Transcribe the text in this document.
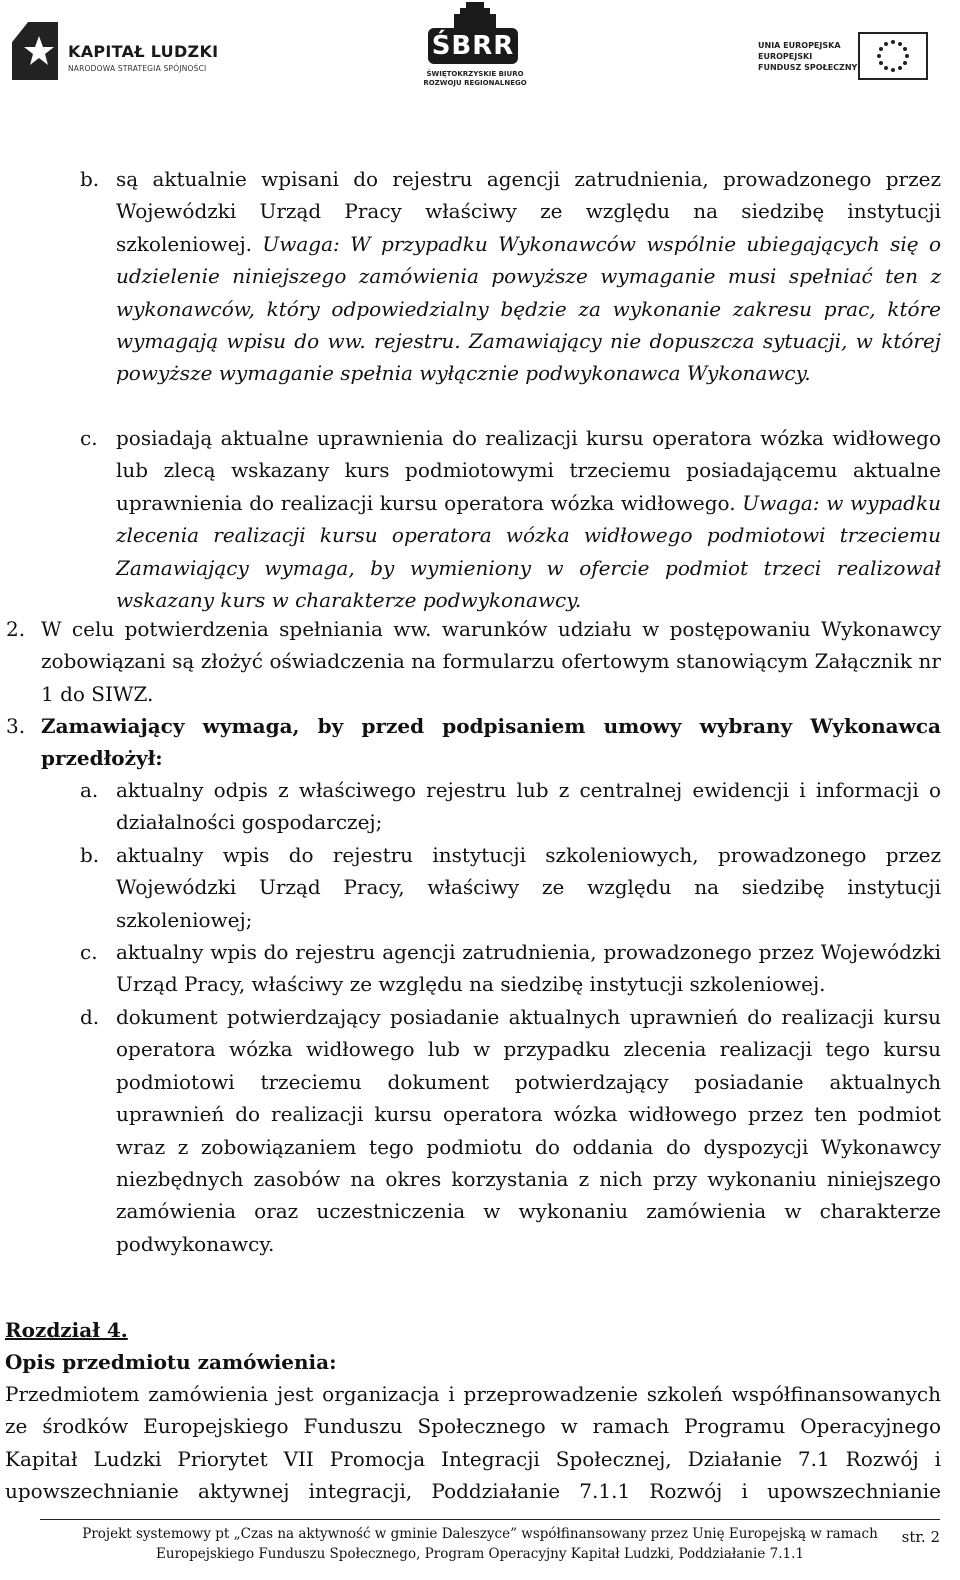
KAPITAŁ LUDZKI
NARODOWA STRATEGIA SPÓJNOŚCI
ŚBRR
ŚWIĘTOKRZYSKIE BIURO
ROZWOJU REGIONALNEGO
UNIA EUROPEJSKA
EUROPEJSKI
FUNDUSZ SPOŁECZNY
b. są aktualnie wpisani do rejestru agencji zatrudnienia, prowadzonego przez Wojewódzki Urząd Pracy właściwy ze względu na siedzibę instytucji szkoleniowej. Uwaga: W przypadku Wykonawców wspólnie ubiegających się o udzielenie niniejszego zamówienia powyższe wymaganie musi spełniać ten z wykonawców, który odpowiedzialny będzie za wykonanie zakresu prac, które wymagają wpisu do ww. rejestru. Zamawiający nie dopuszcza sytuacji, w której powyższe wymaganie spełnia wyłącznie podwykonawca Wykonawcy.

c. posiadają aktualne uprawnienia do realizacji kursu operatora wózka widłowego lub zlecą wskazany kurs podmiotowymi trzeciemu posiadającemu aktualne uprawnienia do realizacji kursu operatora wózka widłowego. Uwaga: w wypadku zlecenia realizacji kursu operatora wózka widłowego podmiotowi trzeciemu Zamawiający wymaga, by wymieniony w ofercie podmiot trzeci realizował wskazany kurs w charakterze podwykonawcy.

2. W celu potwierdzenia spełniania ww. warunków udziału w postępowaniu Wykonawcy zobowiązani są złożyć oświadczenia na formularzu ofertowym stanowiącym Załącznik nr 1 do SIWZ.

3. Zamawiający wymaga, by przed podpisaniem umowy wybrany Wykonawca przedłożył:

a. aktualny odpis z właściwego rejestru lub z centralnej ewidencji i informacji o działalności gospodarczej;

b. aktualny wpis do rejestru instytucji szkoleniowych, prowadzonego przez Wojewódzki Urząd Pracy, właściwy ze względu na siedzibę instytucji szkoleniowej;

c. aktualny wpis do rejestru agencji zatrudnienia, prowadzonego przez Wojewódzki Urząd Pracy, właściwy ze względu na siedzibę instytucji szkoleniowej.

d. dokument potwierdzający posiadanie aktualnych uprawnień do realizacji kursu operatora wózka widłowego lub w przypadku zlecenia realizacji tego kursu podmiotowi trzeciemu dokument potwierdzający posiadanie aktualnych uprawnień do realizacji kursu operatora wózka widłowego przez ten podmiot wraz z zobowiązaniem tego podmiotu do oddania do dyspozycji Wykonawcy niezbędnych zasobów na okres korzystania z nich przy wykonaniu niniejszego zamówienia oraz uczestniczenia w wykonaniu zamówienia w charakterze podwykonawcy.

Rozdział 4.
Opis przedmiotu zamówienia:

Przedmiotem zamówienia jest organizacja i przeprowadzenie szkoleń współfinansowanych ze środków Europejskiego Funduszu Społecznego w ramach Programu Operacyjnego Kapitał Ludzki Priorytet VII Promocja Integracji Społecznej, Działanie 7.1 Rozwój i upowszechnianie aktywnej integracji, Poddziałanie 7.1.1 Rozwój i upowszechnianie

Projekt systemowy pt „Czas na aktywność w gminie Daleszyce” współfinansowany przez Unię Europejską w ramach
Europejskiego Funduszu Społecznego, Program Operacyjny Kapitał Ludzki, Poddziałanie 7.1.1
str. 2
